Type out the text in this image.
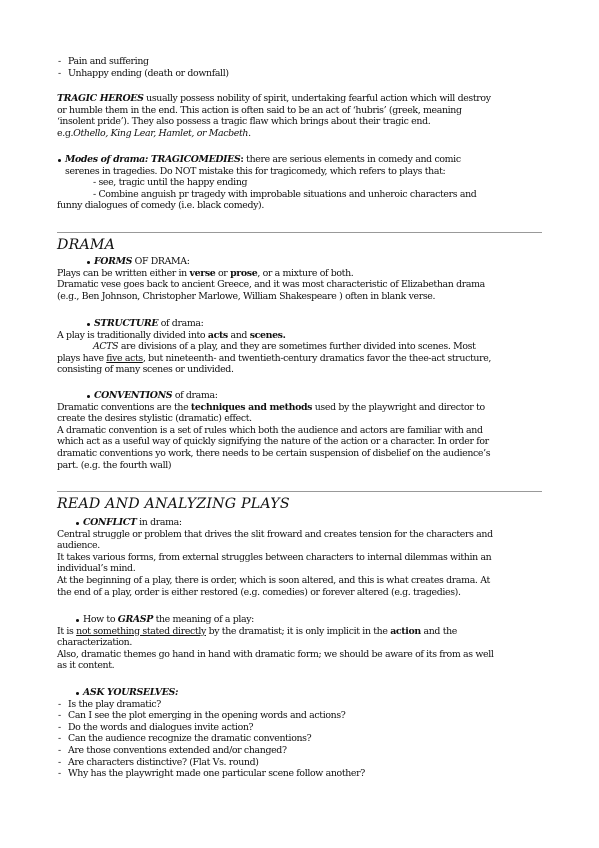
- Pain and suffering
- Unhappy ending (death or downfall)
TRAGIC HEROES usually possess nobility of spirit, undertaking fearful action which will destroy
or humble them in the end. This action is often said to be an act of ‘hubris’ (greek, meaning
‘insolent pride’). They also possess a tragic flaw which brings about their tragic end.
e.g.Othello, King Lear, Hamlet, or Macbeth.
Modes of drama: TRAGICOMEDIES: there are serious elements in comedy and comic
serenes in tragedies. Do NOT mistake this for tragicomedy, which refers to plays that:
- see, tragic until the happy ending
- Combine anguish pr tragedy with improbable situations and unheroic characters and
funny dialogues of comedy (i.e. black comedy).
DRAMA
FORMS OF DRAMA:
Plays can be written either in verse or prose, or a mixture of both.
Dramatic vese goes back to ancient Greece, and it was most characteristic of Elizabethan drama
(e.g., Ben Johnson, Christopher Marlowe, William Shakespeare ) often in blank verse.
STRUCTURE of drama:
A play is traditionally divided into acts and scenes.
ACTS are divisions of a play, and they are sometimes further divided into scenes. Most
plays have five acts, but nineteenth- and twentieth-century dramatics favor the thee-act structure,
consisting of many scenes or undivided.
CONVENTIONS of drama:
Dramatic conventions are the techniques and methods used by the playwright and director to
create the desires stylistic (dramatic) effect.
A dramatic convention is a set of rules which both the audience and actors are familiar with and
which act as a useful way of quickly signifying the nature of the action or a character. In order for
dramatic conventions yo work, there needs to be certain suspension of disbelief on the audience’s
part. (e.g. the fourth wall)
READ AND ANALYZING PLAYS
CONFLICT in drama:
Central struggle or problem that drives the slit froward and creates tension for the characters and
audience.
It takes various forms, from external struggles between characters to internal dilemmas within an
individual’s mind.
At the beginning of a play, there is order, which is soon altered, and this is what creates drama. At
the end of a play, order is either restored (e.g. comedies) or forever altered (e.g. tragedies).
How to GRASP the meaning of a play:
It is not something stated directly by the dramatist; it is only implicit in the action and the
characterization.
Also, dramatic themes go hand in hand with dramatic form; we should be aware of its from as well
as it content.
ASK YOURSELVES:
- Is the play dramatic?
- Can I see the plot emerging in the opening words and actions?
- Do the words and dialogues invite action?
- Can the audience recognize the dramatic conventions?
- Are those conventions extended and/or changed?
- Are characters distinctive? (Flat Vs. round)
- Why has the playwright made one particular scene follow another?
